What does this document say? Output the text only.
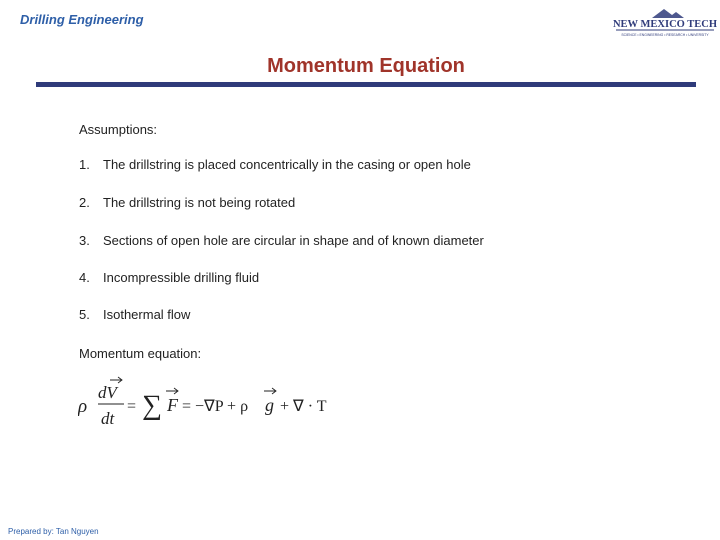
Drilling Engineering	NEW MEXICO TECH
SCIENCE • ENGINEERING • RESEARCH • UNIVERSITY
Momentum Equation
Assumptions:
1. The drillstring is placed concentrically in the casing or open hole
2. The drillstring is not being rotated
3. Sections of open hole are circular in shape and of known diameter
4. Incompressible drilling fluid
5. Isothermal flow
Momentum equation:
ρ
dV
dt
= ∑ F = −∇P + ρ g + ∇ · Τ
Prepared by: Tan Nguyen
